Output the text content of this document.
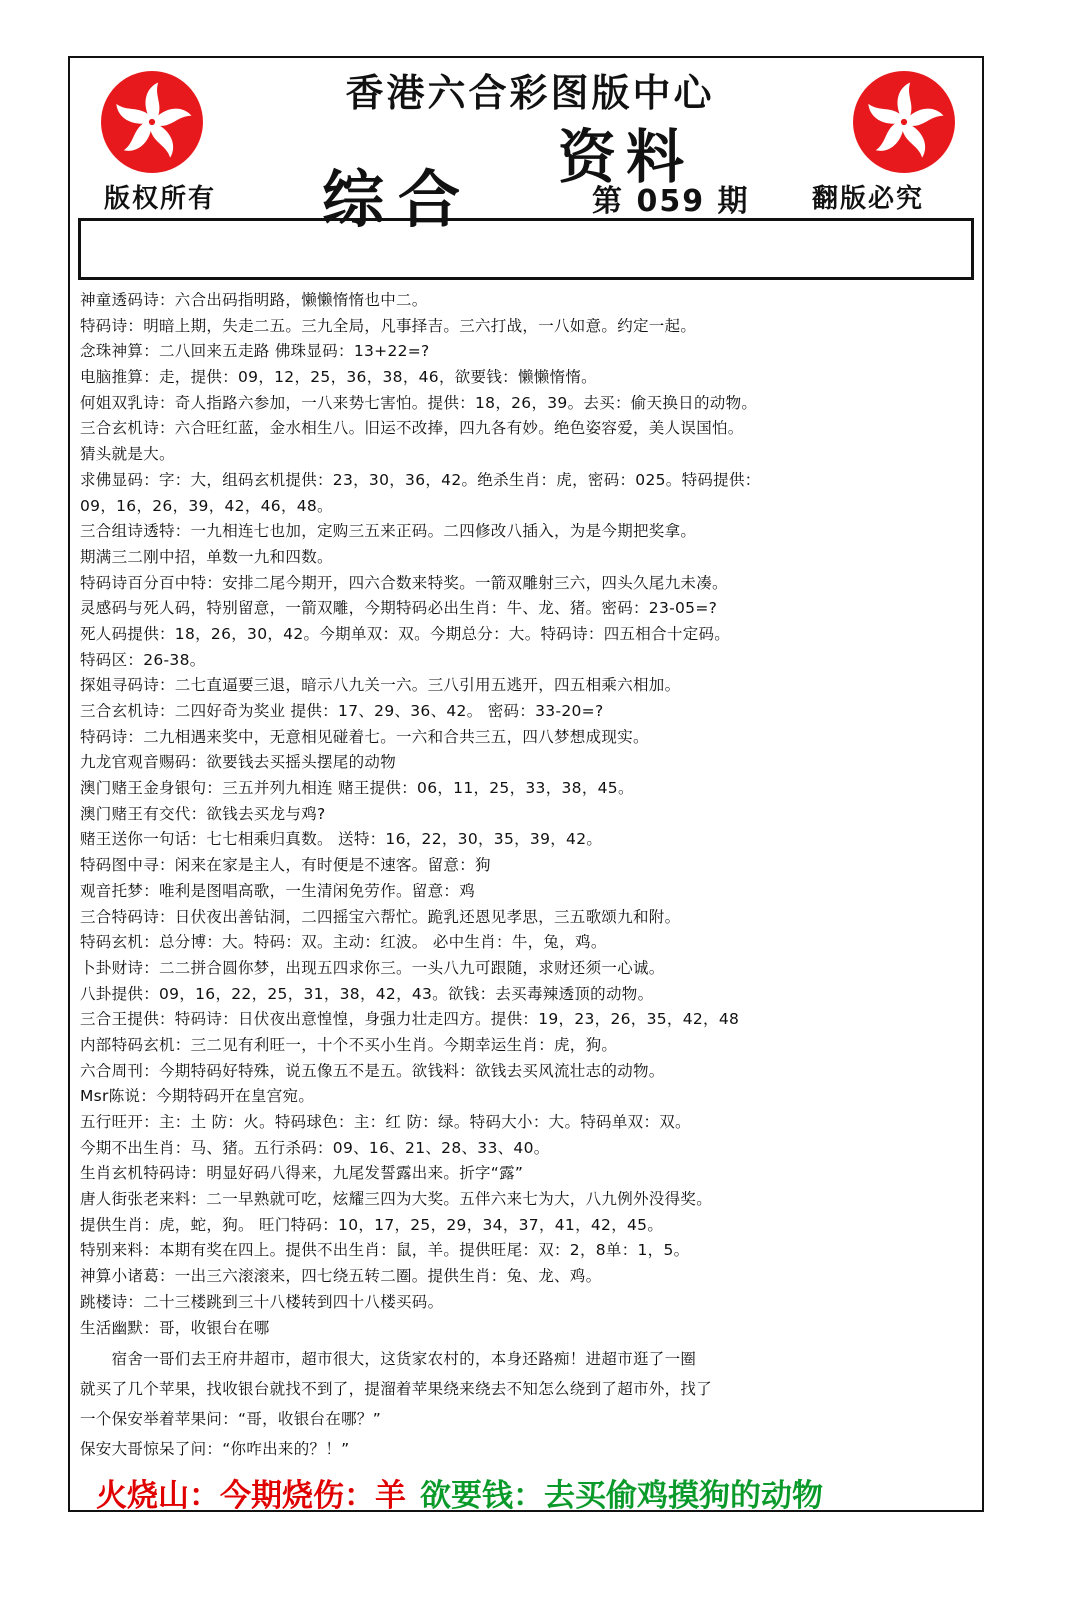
香港六合彩图版中心
资料
综合	第 059 期
版权所有	翻版必究
神童透码诗：六合出码指明路，懒懒惰惰也中二。
特码诗：明暗上期，失走二五。三九全局，凡事择吉。三六打战，一八如意。约定一起。
念珠神算：二八回来五走路 佛珠显码：13+22=?
电脑推算：走，提供：09，12，25，36，38，46，欲要钱：懒懒惰惰。
何姐双乳诗：奇人指路六参加，一八来势七害怕。提供：18，26，39。去买：偷天换日的动物。
三合玄机诗：六合旺红蓝，金水相生八。旧运不改捧，四九各有妙。绝色姿容爱，美人误国怕。
猜头就是大。
求佛显码：字：大，组码玄机提供：23，30，36，42。绝杀生肖：虎，密码：025。特码提供：
09，16，26，39，42，46，48。
三合组诗透特：一九相连七也加，定购三五来正码。二四修改八插入，为是今期把奖拿。
期满三二刚中招，单数一九和四数。
特码诗百分百中特：安排二尾今期开，四六合数来特奖。一箭双雕射三六，四头久尾九未凑。
灵感码与死人码，特别留意，一箭双雕，今期特码必出生肖：牛、龙、猪。密码：23-05=?
死人码提供：18，26，30，42。今期单双：双。今期总分：大。特码诗：四五相合十定码。
特码区：26-38。
探姐寻码诗：二七直逼要三退，暗示八九关一六。三八引用五逃开，四五相乘六相加。
三合玄机诗：二四好奇为奖业 提供：17、29、36、42。 密码：33-20=?
特码诗：二九相遇来奖中，无意相见碰着七。一六和合共三五，四八梦想成现实。
九龙官观音赐码：欲要钱去买摇头摆尾的动物
澳门赌王金身银句：三五并列九相连 赌王提供：06，11，25，33，38，45。
澳门赌王有交代：欲钱去买龙与鸡?
赌王送你一句话：七七相乘归真数。 送特：16，22，30，35，39，42。
特码图中寻：闲来在家是主人，有时便是不速客。留意：狗
观音托梦：唯利是图唱高歌，一生清闲免劳作。留意：鸡
三合特码诗：日伏夜出善钻洞，二四摇宝六帮忙。跪乳还恩见孝思，三五歌颂九和附。
特码玄机：总分博：大。特码：双。主动：红波。 必中生肖：牛，兔，鸡。
卜卦财诗：二二拼合圆你梦，出现五四求你三。一头八九可跟随，求财还须一心诚。
八卦提供：09，16，22，25，31，38，42，43。欲钱：去买毒辣透顶的动物。
三合王提供：特码诗：日伏夜出意惶惶，身强力壮走四方。提供：19，23，26，35，42，48
内部特码玄机：三二见有利旺一，十个不买小生肖。今期幸运生肖：虎，狗。
六合周刊：今期特码好特殊，说五像五不是五。欲钱料：欲钱去买风流壮志的动物。
Msr陈说：今期特码开在皇宫宛。
五行旺开：主：土 防：火。特码球色：主：红 防：绿。特码大小：大。特码单双：双。
今期不出生肖：马、猪。五行杀码：09、16、21、28、33、40。
生肖玄机特码诗：明显好码八得来，九尾发誓露出来。折字“露”
唐人街张老来料：二一早熟就可吃，炫耀三四为大奖。五伴六来七为大，八九例外没得奖。
提供生肖：虎，蛇，狗。 旺门特码：10，17，25，29，34，37，41，42，45。
特别来料：本期有奖在四上。提供不出生肖：鼠，羊。提供旺尾：双：2，8单：1，5。
神算小诸葛：一出三六滚滚来，四七绕五转二圈。提供生肖：兔、龙、鸡。
跳楼诗：二十三楼跳到三十八楼转到四十八楼买码。
生活幽默：哥，收银台在哪
　　宿舍一哥们去王府井超市，超市很大，这货家农村的，本身还路痴！进超市逛了一圈
就买了几个苹果，找收银台就找不到了，提溜着苹果绕来绕去不知怎么绕到了超市外，找了
一个保安举着苹果问：“哥，收银台在哪？”
保安大哥惊呆了问：“你咋出来的？！”
火烧山：今期烧伤：羊 欲要钱：去买偷鸡摸狗的动物
